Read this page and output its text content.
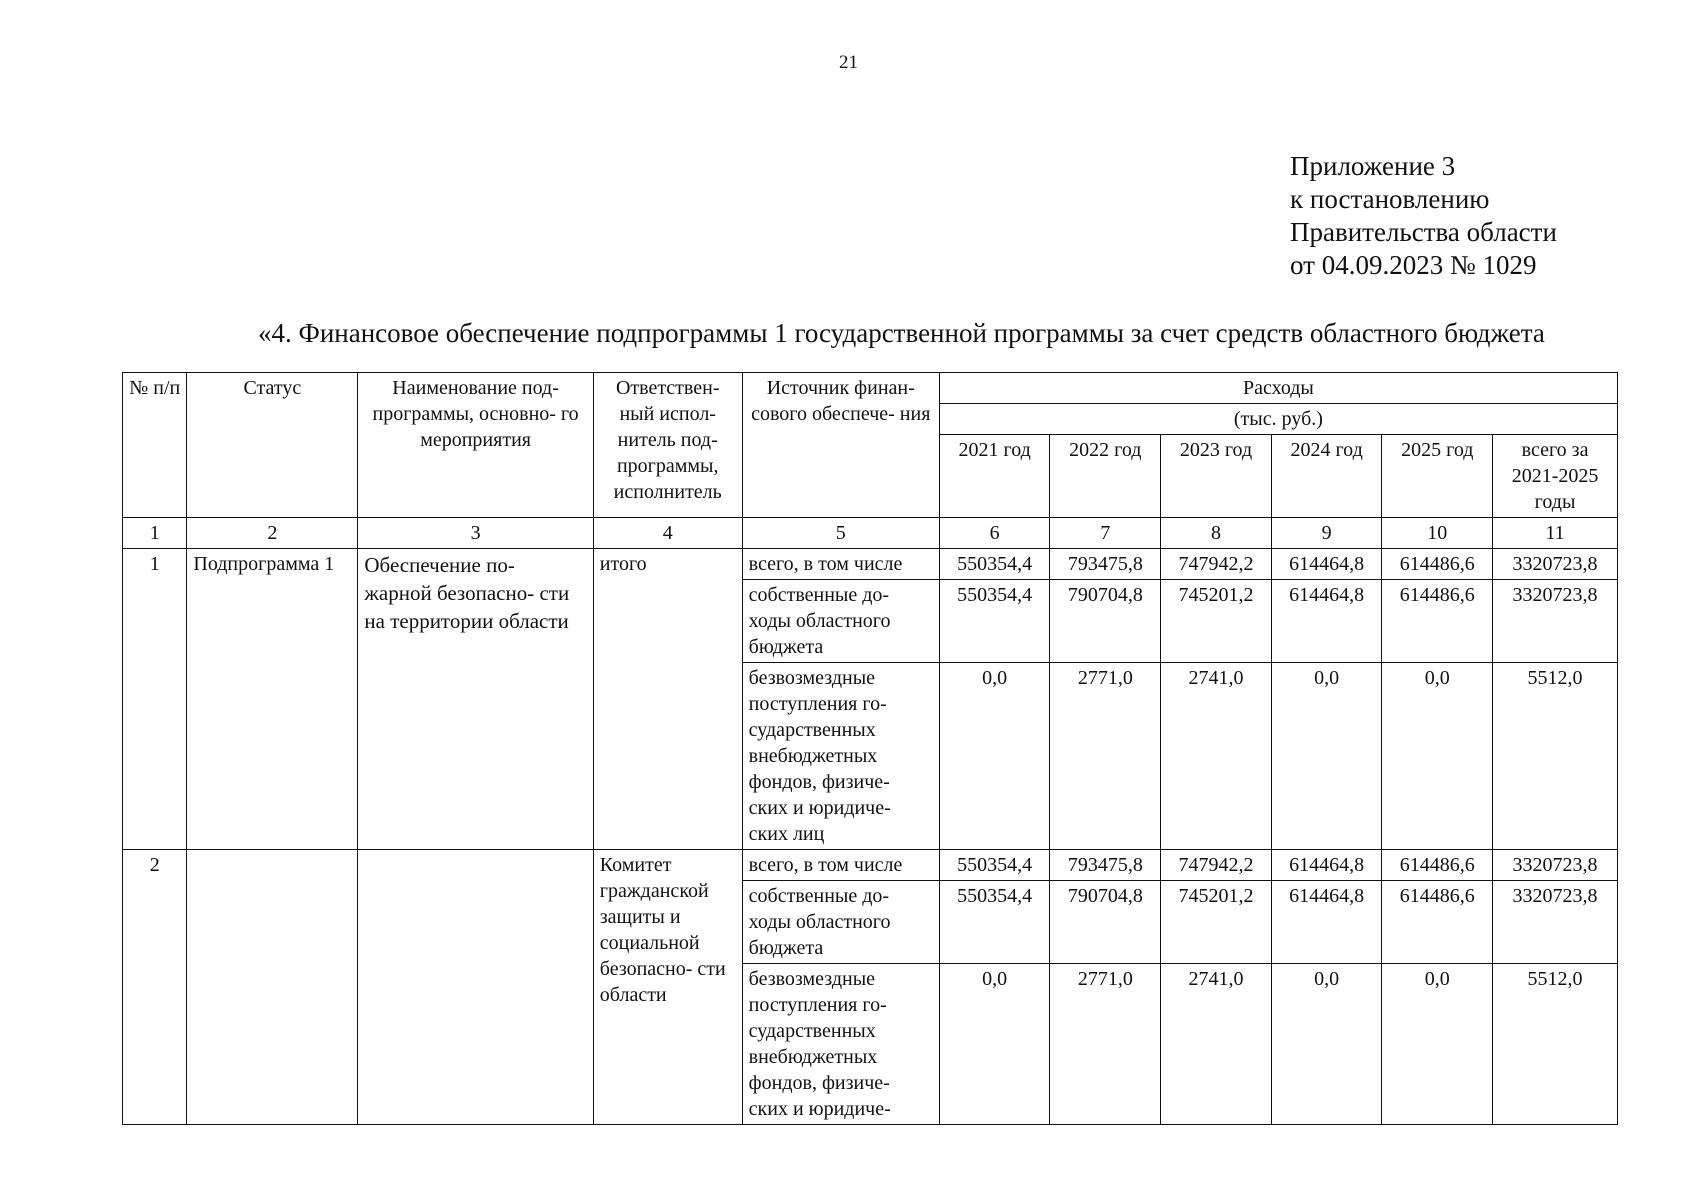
21
Приложение 3
к постановлению
Правительства области
от 04.09.2023 № 1029
«4. Финансовое обеспечение подпрограммы 1 государственной программы за счет средств областного бюджета
№ п/п	Статус	Наименование под- программы, основно- го мероприятия	Ответствен- ный испол- нитель под- программы, исполнитель	Источник финан- сового обеспече- ния	Расходы					
					(тыс. руб.)					
					2021 год	2022 год	2023 год	2024 год	2025 год	всего за 2021-2025 годы
1	2	3	4	5	6	7	8	9	10	11
1	Подпрограмма 1	Обеспечение по- жарной безопасно- сти на территории области	итого	всего, в том числе	550354,4	793475,8	747942,2	614464,8	614486,6	3320723,8
				собственные до- ходы областного бюджета	550354,4	790704,8	745201,2	614464,8	614486,6	3320723,8
				безвозмездные поступления го- сударственных внебюджетных фондов, физиче- ских и юридиче- ских лиц	0,0	2771,0	2741,0	0,0	0,0	5512,0
2			Комитет гражданской защиты и социальной безопасно- сти области	всего, в том числе	550354,4	793475,8	747942,2	614464,8	614486,6	3320723,8
				собственные до- ходы областного бюджета	550354,4	790704,8	745201,2	614464,8	614486,6	3320723,8
				безвозмездные поступления го- сударственных внебюджетных фондов, физиче- ских и юридиче-	0,0	2771,0	2741,0	0,0	0,0	5512,0
